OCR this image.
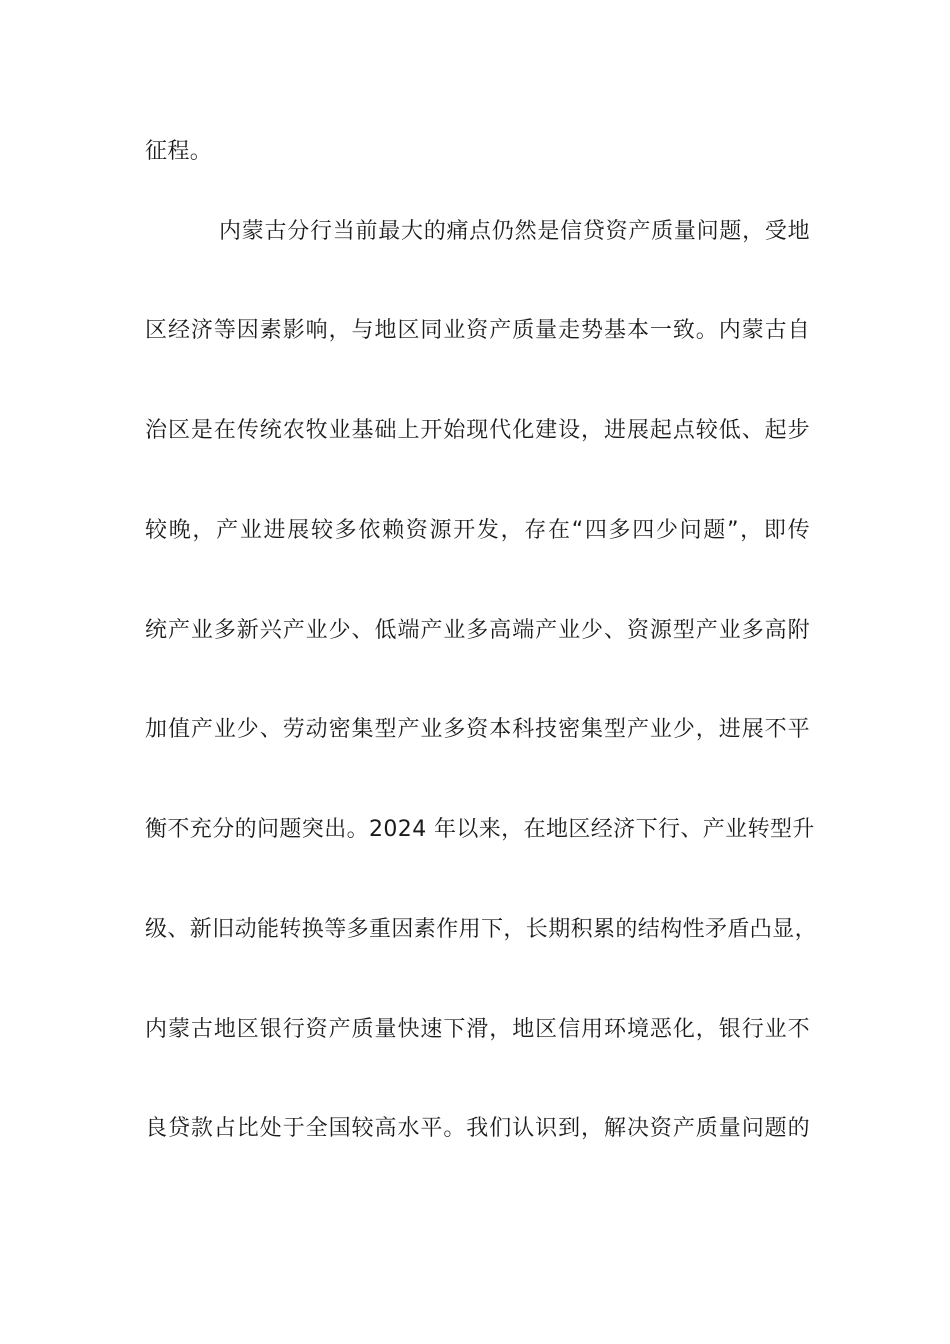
征程。
内蒙古分行当前最大的痛点仍然是信贷资产质量问题，受地
区经济等因素影响，与地区同业资产质量走势基本一致。内蒙古自
治区是在传统农牧业基础上开始现代化建设，进展起点较低、起步
较晚，产业进展较多依赖资源开发，存在“四多四少问题”，即传
统产业多新兴产业少、低端产业多高端产业少、资源型产业多高附
加值产业少、劳动密集型产业多资本科技密集型产业少，进展不平
衡不充分的问题突出。2024 年以来，在地区经济下行、产业转型升
级、新旧动能转换等多重因素作用下，长期积累的结构性矛盾凸显，
内蒙古地区银行资产质量快速下滑，地区信用环境恶化，银行业不
良贷款占比处于全国较高水平。我们认识到，解决资产质量问题的
